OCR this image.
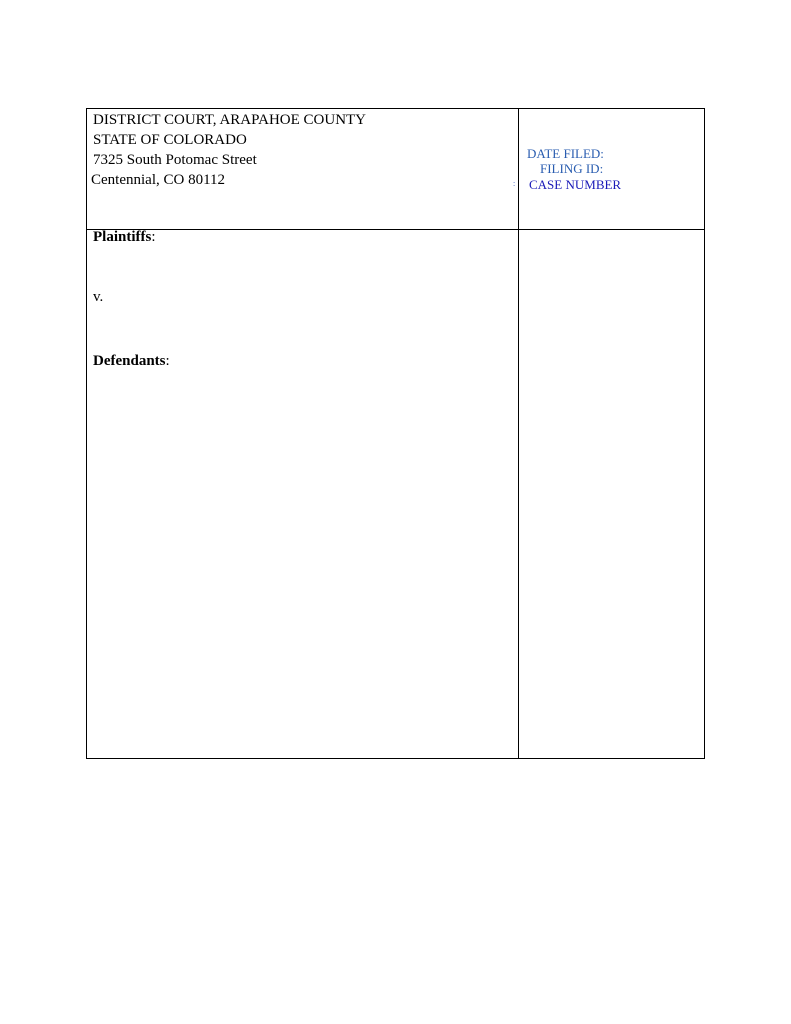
DISTRICT COURT, ARAPAHOE COUNTY
STATE OF COLORADO
7325 South Potomac Street
Centennial, CO 80112	:
DATE FILED:
FILING ID:
CASE NUMBER
Plaintiffs:
v.
Defendants:
